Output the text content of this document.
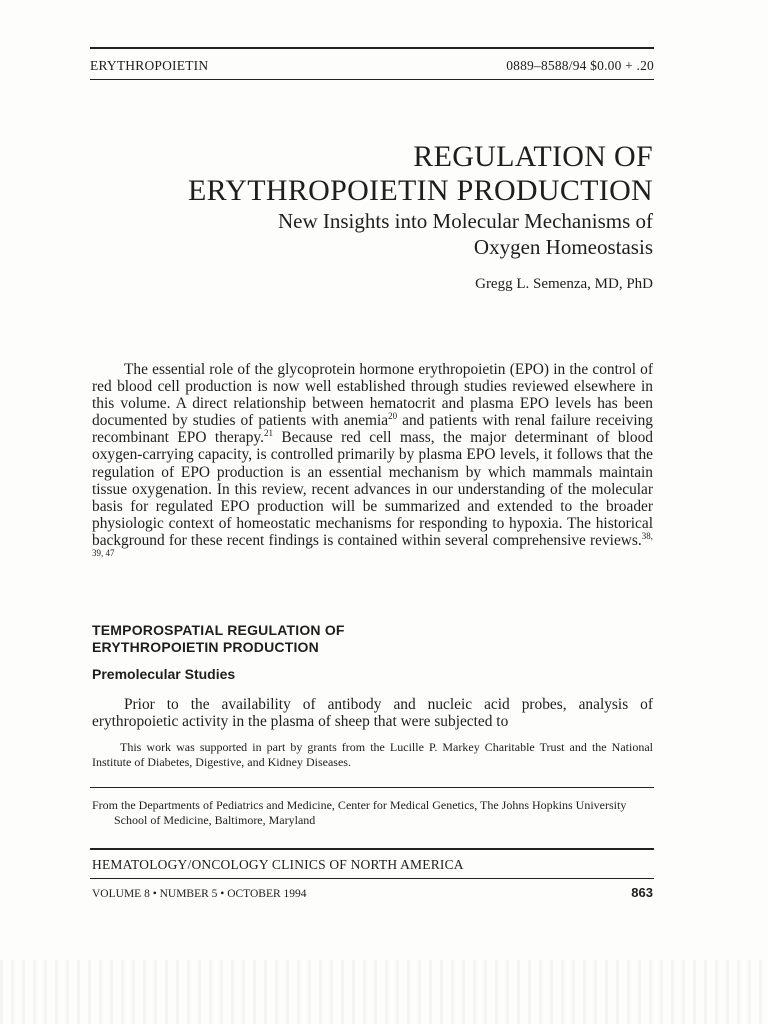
ERYTHROPOIETIN	0889–8588/94 $0.00 + .20
REGULATION OF
ERYTHROPOIETIN PRODUCTION
New Insights into Molecular Mechanisms of
Oxygen Homeostasis
Gregg L. Semenza, MD, PhD
The essential role of the glycoprotein hormone erythropoietin (EPO) in the control of red blood cell production is now well established through studies reviewed elsewhere in this volume. A direct relationship between hematocrit and plasma EPO levels has been documented by studies of patients with anemia$^{20}$ and patients with renal failure receiving recombinant EPO therapy.$^{21}$ Because red cell mass, the major determinant of blood oxygen-carrying capacity, is controlled primarily by plasma EPO levels, it follows that the regulation of EPO production is an essential mechanism by which mammals maintain tissue oxygenation. In this review, recent advances in our understanding of the molecular basis for regulated EPO production will be summarized and extended to the broader physiologic context of homeostatic mechanisms for responding to hypoxia. The historical background for these recent findings is contained within several comprehensive reviews.$^{38, 39, 47}$
TEMPOROSPATIAL REGULATION OF
ERYTHROPOIETIN PRODUCTION
Premolecular Studies
Prior to the availability of antibody and nucleic acid probes, analysis of erythropoietic activity in the plasma of sheep that were subjected to
This work was supported in part by grants from the Lucille P. Markey Charitable Trust and the National Institute of Diabetes, Digestive, and Kidney Diseases.
From the Departments of Pediatrics and Medicine, Center for Medical Genetics, The Johns Hopkins University School of Medicine, Baltimore, Maryland
HEMATOLOGY/ONCOLOGY CLINICS OF NORTH AMERICA
VOLUME 8 • NUMBER 5 • OCTOBER 1994	863
